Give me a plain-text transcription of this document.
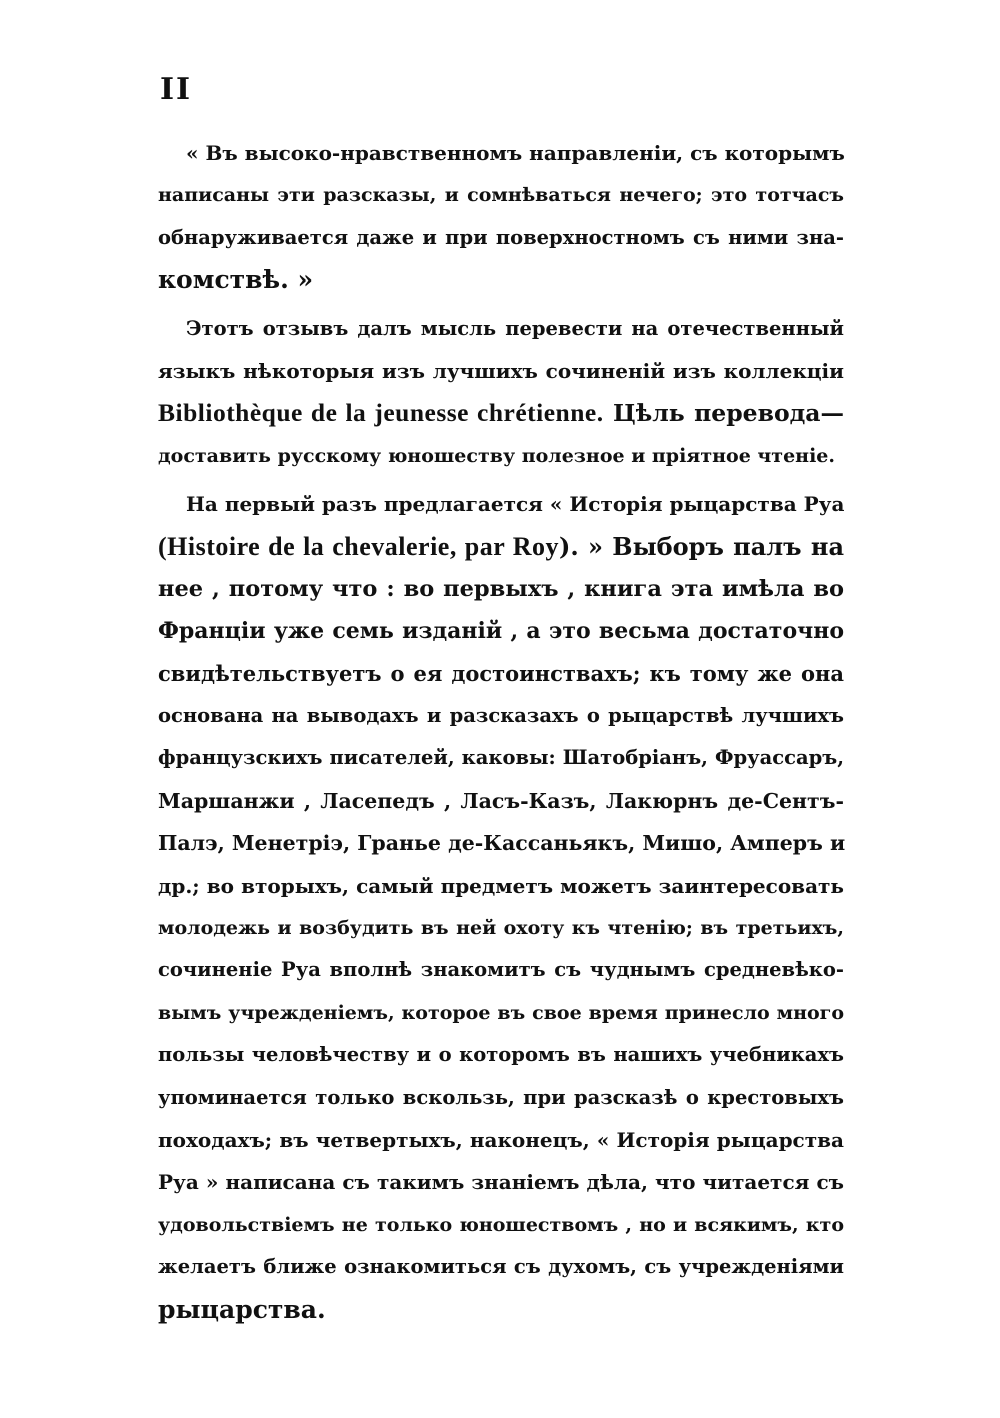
II
« Въ высоко-нравственномъ направленіи, съ которымъ
написаны эти разсказы, и сомнѣваться нечего; это тотчасъ
обнаруживается даже и при поверхностномъ съ ними зна-
комствѣ. »
Этотъ отзывъ далъ мысль перевести на отечественный
языкъ нѣкоторыя изъ лучшихъ сочиненій изъ коллекціи
Bibliothèque de la jeunesse chrétienne. Цѣль перевода—
доставить русскому юношеству полезное и пріятное чтеніе.
На первый разъ предлагается « Исторія рыцарства Руа
(Histoire de la chevalerie, par Roy). » Выборъ палъ на
нее , потому что : во первыхъ , книга эта имѣла во
Франціи уже семь изданій , а это весьма достаточно
свидѣтельствуетъ о ея достоинствахъ; къ тому же она
основана на выводахъ и разсказахъ о рыцарствѣ лучшихъ
французскихъ писателей, каковы: Шатобріанъ, Фруассаръ,
Маршанжи , Ласепедъ , Ласъ-Казъ, Лакюрнъ де-Сентъ-
Палэ, Менетріэ, Гранье де-Кассаньякъ, Мишо, Амперъ и
др.; во вторыхъ, самый предметъ можетъ заинтересовать
молодежь и возбудить въ ней охоту къ чтенію; въ третьихъ,
сочиненіе Руа вполнѣ знакомитъ съ чуднымъ средневѣко-
вымъ учрежденіемъ, которое въ свое время принесло много
пользы человѣчеству и о которомъ въ нашихъ учебникахъ
упоминается только вскользь, при разсказѣ о крестовыхъ
походахъ; въ четвертыхъ, наконецъ, « Исторія рыцарства
Руа » написана съ такимъ знаніемъ дѣла, что читается съ
удовольствіемъ не только юношествомъ , но и всякимъ, кто
желаетъ ближе ознакомиться съ духомъ, съ учрежденіями
рыцарства.
